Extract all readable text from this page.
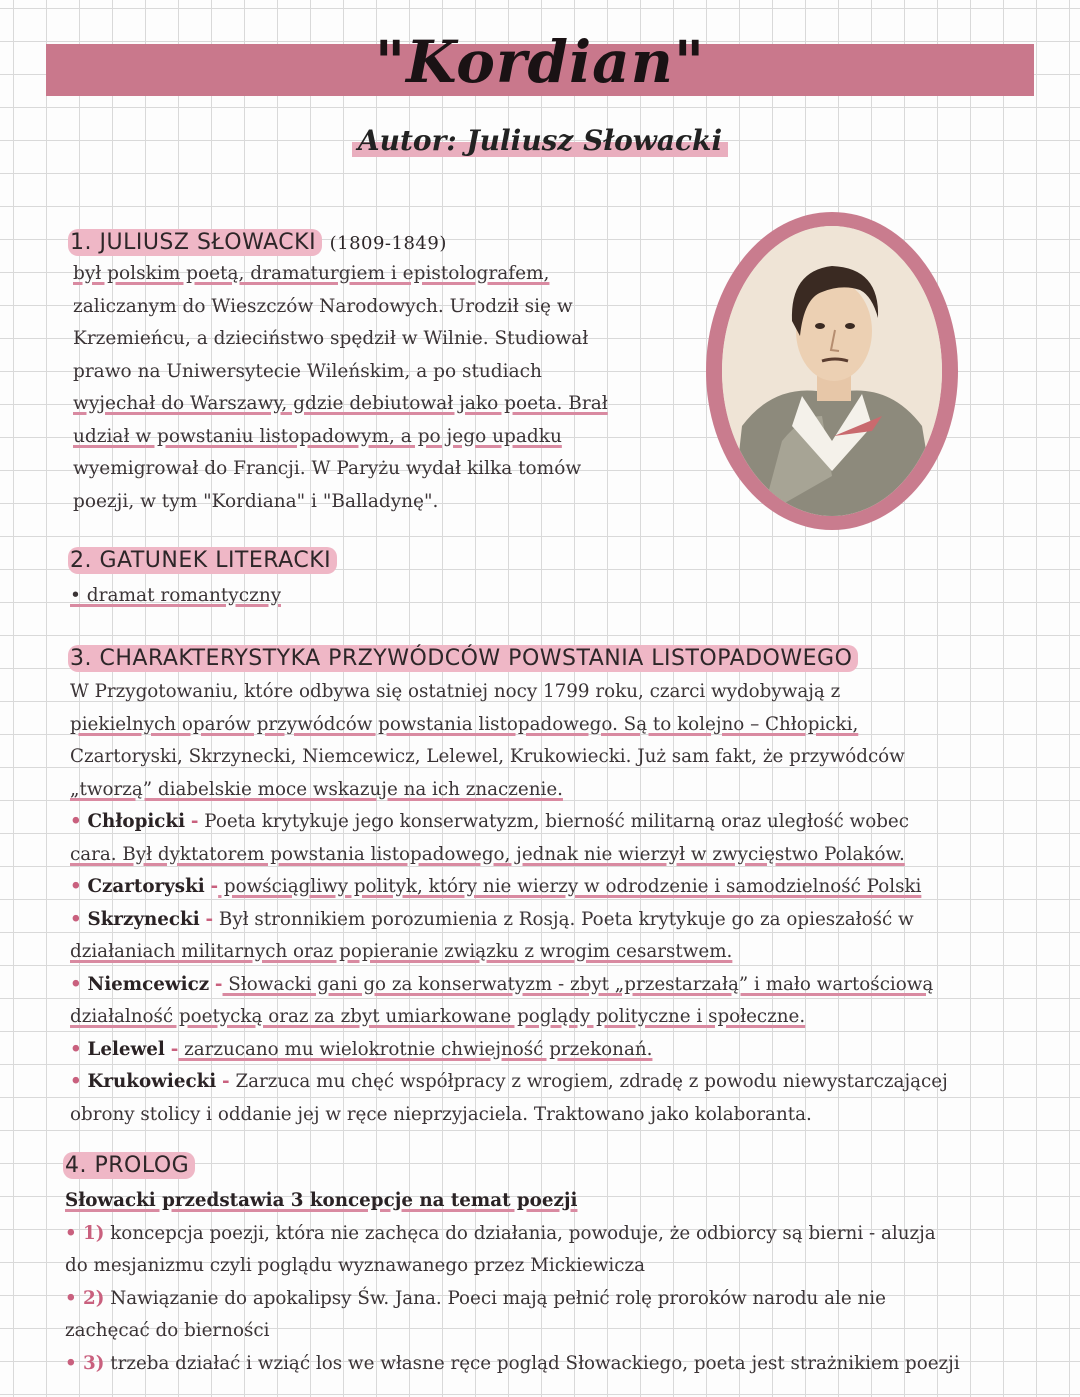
"Kordian"
Autor: Juliusz Słowacki
1. JULIUSZ SŁOWACKI (1809-1849)
był polskim poetą, dramaturgiem i epistolografem,
zaliczanym do Wieszczów Narodowych. Urodził się w
Krzemieńcu, a dzieciństwo spędził w Wilnie. Studiował
prawo na Uniwersytecie Wileńskim, a po studiach
wyjechał do Warszawy, gdzie debiutował jako poeta. Brał
udział w powstaniu listopadowym, a po jego upadku
wyemigrował do Francji. W Paryżu wydał kilka tomów
poezji, w tym "Kordiana" i "Balladynę".
2. GATUNEK LITERACKI
• dramat romantyczny
3. CHARAKTERYSTYKA PRZYWÓDCÓW POWSTANIA LISTOPADOWEGO
W Przygotowaniu, które odbywa się ostatniej nocy 1799 roku, czarci wydobywają z
piekielnych oparów przywódców powstania listopadowego. Są to kolejno – Chłopicki,
Czartoryski, Skrzynecki, Niemcewicz, Lelewel, Krukowiecki. Już sam fakt, że przywódców
„tworzą” diabelskie moce wskazuje na ich znaczenie.
• Chłopicki - Poeta krytykuje jego konserwatyzm, bierność militarną oraz uległość wobec
cara. Był dyktatorem powstania listopadowego, jednak nie wierzył w zwycięstwo Polaków.
• Czartoryski - powściągliwy polityk, który nie wierzy w odrodzenie i samodzielność Polski
• Skrzynecki - Był stronnikiem porozumienia z Rosją. Poeta krytykuje go za opieszałość w
działaniach militarnych oraz popieranie związku z wrogim cesarstwem.
• Niemcewicz - Słowacki gani go za konserwatyzm - zbyt „przestarzałą” i mało wartościową
działalność poetycką oraz za zbyt umiarkowane poglądy polityczne i społeczne.
• Lelewel - zarzucano mu wielokrotnie chwiejność przekonań.
• Krukowiecki - Zarzuca mu chęć współpracy z wrogiem, zdradę z powodu niewystarczającej
obrony stolicy i oddanie jej w ręce nieprzyjaciela. Traktowano jako kolaboranta.
4. PROLOG
Słowacki przedstawia 3 koncepcje na temat poezji
• 1) koncepcja poezji, która nie zachęca do działania, powoduje, że odbiorcy są bierni - aluzja
do mesjanizmu czyli poglądu wyznawanego przez Mickiewicza
• 2) Nawiązanie do apokalipsy Św. Jana. Poeci mają pełnić rolę proroków narodu ale nie
zachęcać do bierności
• 3) trzeba działać i wziąć los we własne ręce pogląd Słowackiego, poeta jest strażnikiem poezji
